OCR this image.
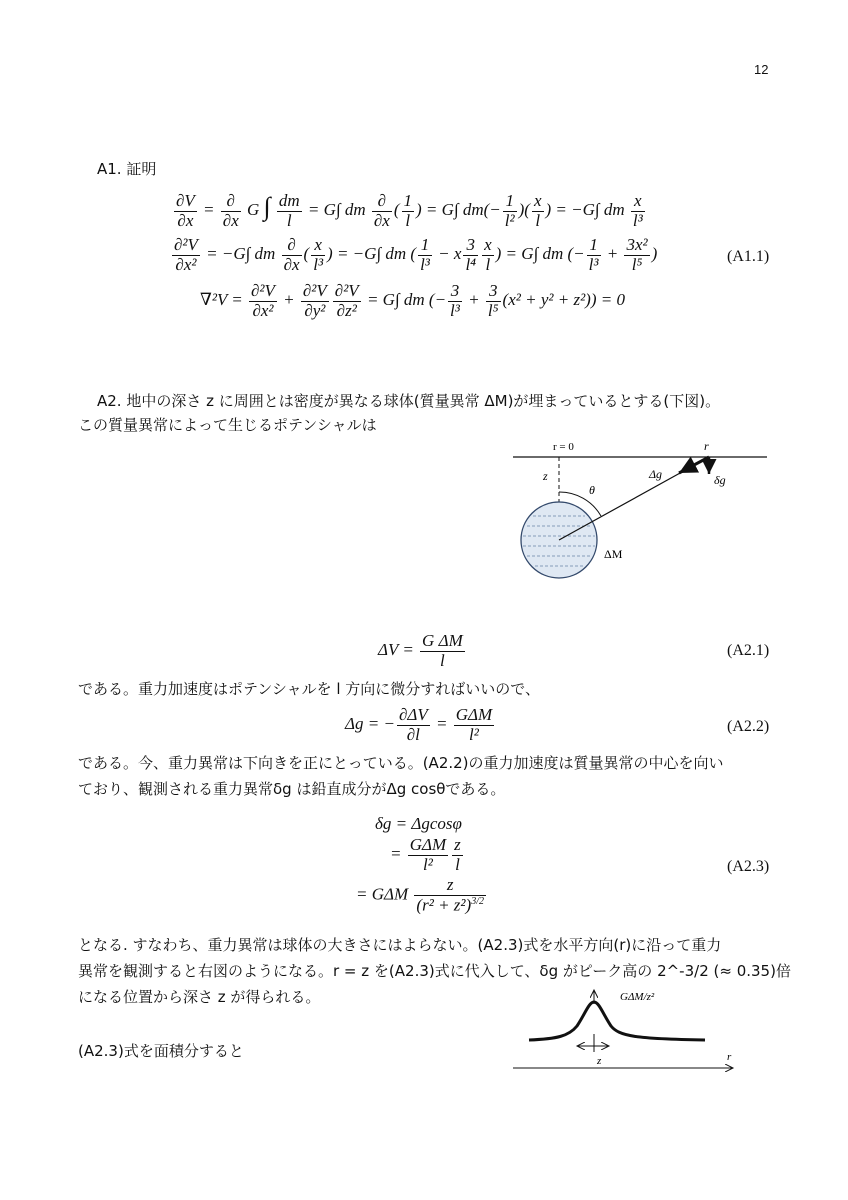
12
A1. 証明
$\frac{\partial V}{\partial x} = \frac{\partial}{\partial x}$ G ∫ $\frac{dm}{l} = G\int$ dm $\frac{\partial}{\partial x}$ ( $\frac{1}{l}$ ) = G∫ $dm(- \frac{1}{\text{l²}}$ )( $\frac{x}{l}$ ) = −G∫ dm $\frac{x}{\text{l³}}$
$\frac{\text{∂²V}}{\text{∂x²}} = -G\int$ dm $\frac{\partial}{\partial x}$ ( $\frac{x}{\text{l³}}$ ) = −G∫ dm ( $\frac{1}{\text{l³}} - x \frac{3}{\text{l⁴}} \frac{x}{l}$ ) = G∫ dm (− $\frac{1}{\text{l³}} + \frac{\text{3x²}}{\text{l⁵}}$ )	(A1.1)
$\nabla^2V = \frac{\text{∂²V}}{\text{∂x²}} + \frac{\text{∂²V}}{\text{∂y²}} \frac{\text{∂²V}}{\text{∂z²}} = G\int$ dm (− $\frac{3}{\text{l³}} + \frac{3}{\text{l⁵}} (x^2 + y^2 + z^2)) = 0$
A2. 地中の深さ z に周囲とは密度が異なる球体(質量異常 ΔM)が埋まっているとする(下図)。
この質量異常によって生じるポテンシャルは
r = 0	r
z
θ
Δg	δg
ΔM
$\Delta V = \frac{\text{G ΔM}}{l}$	(A2.1)
である。重力加速度はポテンシャルを l 方向に微分すればいいので、
Δg = − $\frac{\partial\Delta V}{\partial l} = \frac{\text{GΔM}}{\text{l²}}$	(A2.2)
である。今、重力異常は下向きを正にとっている。(A2.2)の重力加速度は質量異常の中心を向い
ており、観測される重力異常δg は鉛直成分がΔg cosθである。
δg = Δgcosφ
= $\frac{\text{GΔM}}{\text{l²}} \frac{z}{l}$
= GΔM $\frac{z}{(r^2 + z^2)^{3/2}}$
(A2.3)
となる. すなわち、重力異常は球体の大きさにはよらない。(A2.3)式を水平方向(r)に沿って重力
異常を観測すると右図のようになる。r = z を(A2.3)式に代入して、δg がピーク高の 2^-3/2 (≈ 0.35)倍
になる位置から深さ z が得られる。
(A2.3)式を面積分すると
GΔM/z²
z	r
